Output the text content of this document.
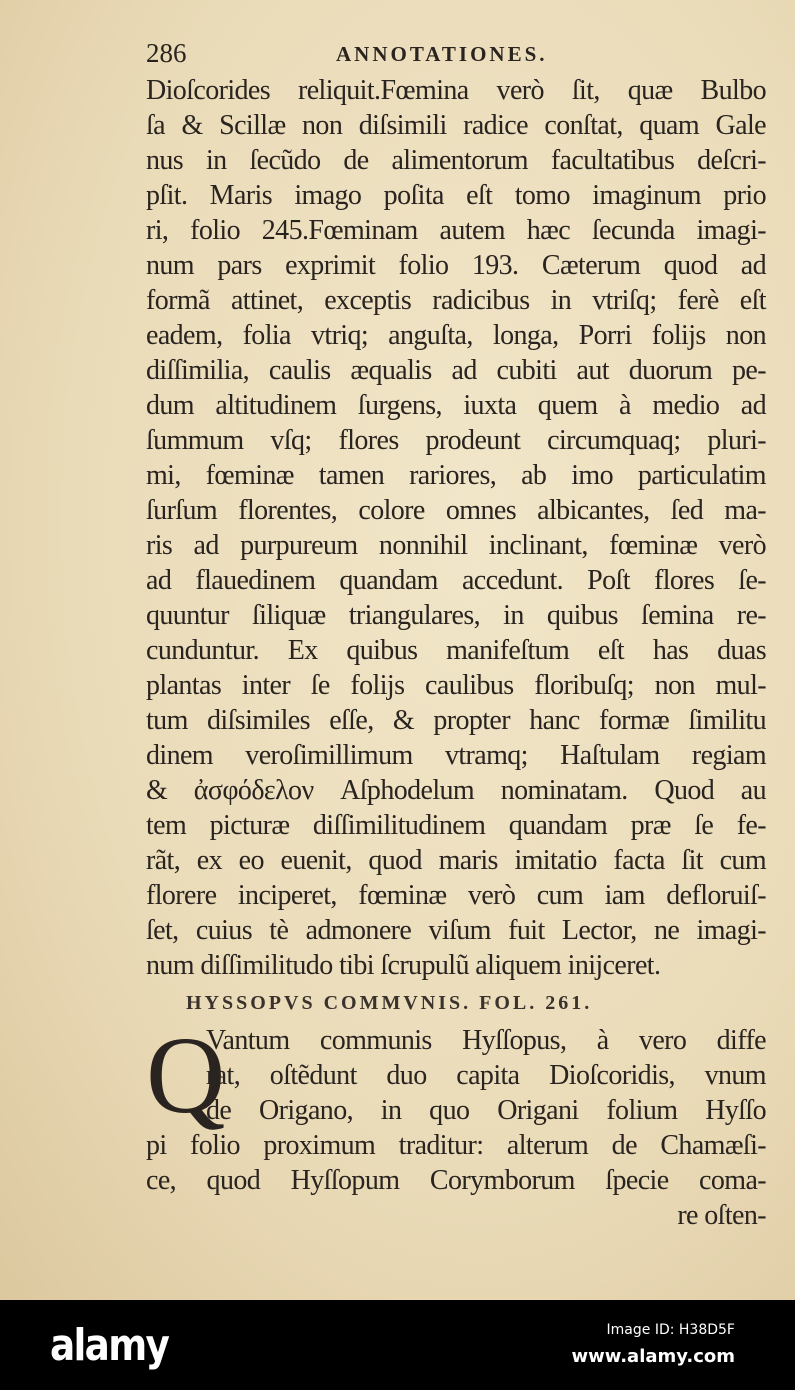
286	ANNOTATIONES.
Dioſcorides reliquit.Fœmina verò ſit, quæ Bulbo
ſa & Scillæ non diſsimili radice conſtat, quam Gale
nus in ſecũdo de alimentorum facultatibus deſcri-
pſit. Maris imago poſita eſt tomo imaginum prio
ri, folio 245.Fœminam autem hæc ſecunda imagi-
num pars exprimit folio 193. Cæterum quod ad
formã attinet, exceptis radicibus in vtriſq; ferè eſt
eadem, folia vtriq; anguſta, longa, Porri folijs non
diſſimilia, caulis æqualis ad cubiti aut duorum pe-
dum altitudinem ſurgens, iuxta quem à medio ad
ſummum vſq; flores prodeunt circumquaq; pluri-
mi, fœminæ tamen rariores, ab imo particulatim
ſurſum florentes, colore omnes albicantes, ſed ma-
ris ad purpureum nonnihil inclinant, fœminæ verò
ad flauedinem quandam accedunt. Poſt flores ſe-
quuntur ſiliquæ triangulares, in quibus ſemina re-
cunduntur. Ex quibus manifeſtum eſt has duas
plantas inter ſe folijs caulibus floribuſq; non mul-
tum diſsimiles eſſe, & propter hanc formæ ſimilitu
dinem veroſimillimum vtramq; Haſtulam regiam
& ἀσφόδελον Aſphodelum nominatam. Quod au
tem picturæ diſſimilitudinem quandam præ ſe fe-
rãt, ex eo euenit, quod maris imitatio facta ſit cum
florere inciperet, fœminæ verò cum iam defloruiſ-
ſet, cuius tè admonere viſum fuit Lector, ne imagi-
num diſſimilitudo tibi ſcrupulũ aliquem inijceret.
HYSSOPVS COMMVNIS. FOL. 261.
Q
Vantum communis Hyſſopus, à vero diffe
rat, oſtẽdunt duo capita Dioſcoridis, vnum
de Origano, in quo Origani folium Hyſſo
pi folio proximum traditur: alterum de Chamæſi-
ce, quod Hyſſopum Corymborum ſpecie coma-
re oſten-
alamy	Image ID: H38D5F
www.alamy.com
